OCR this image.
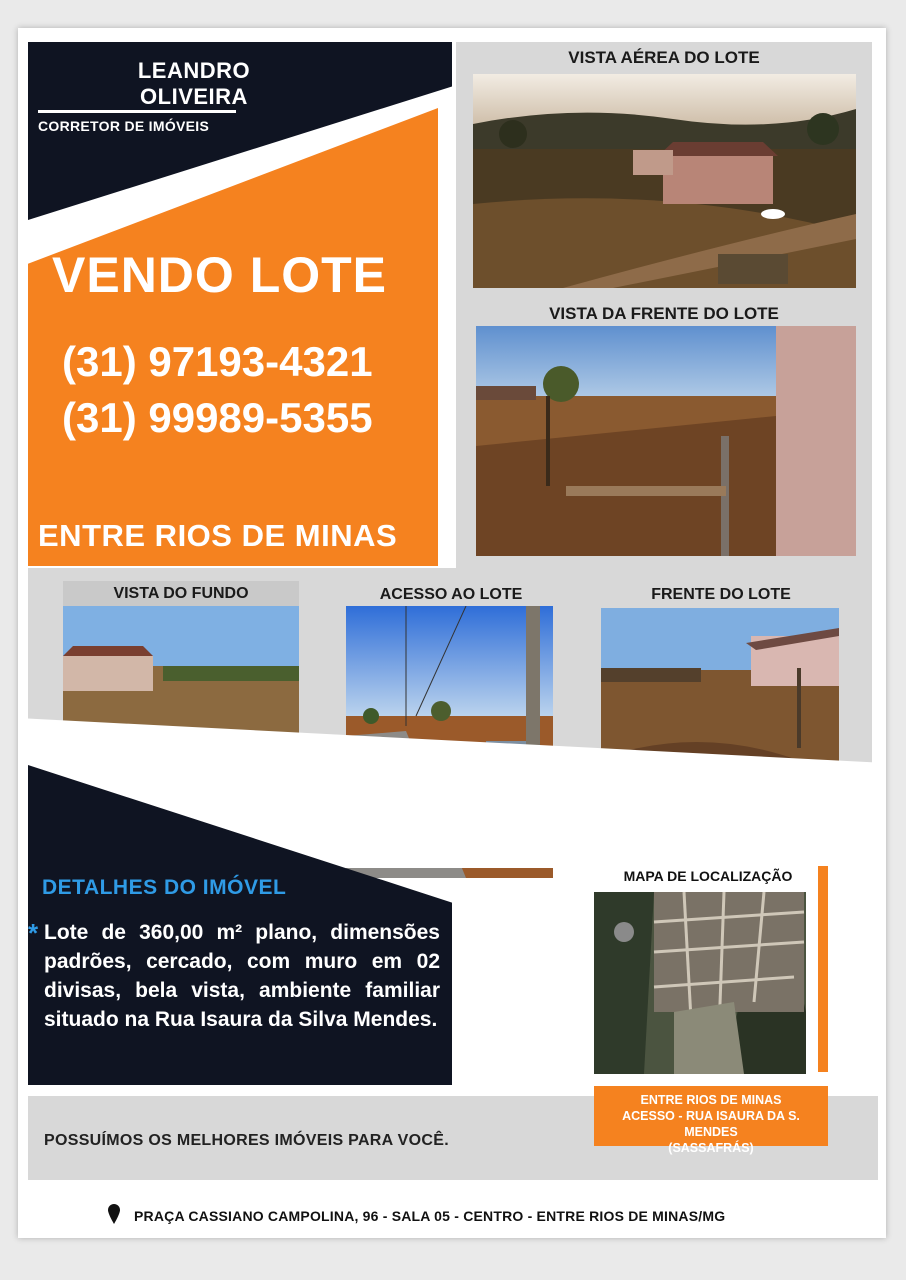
LEANDRO
OLIVEIRA
CORRETOR DE IMÓVEIS
VENDO LOTE
(31) 97193-4321
(31) 99989-5355
ENTRE RIOS DE MINAS
VISTA AÉREA DO LOTE
VISTA DA FRENTE DO LOTE
VISTA DO FUNDO	ACESSO AO LOTE	FRENTE DO LOTE
DETALHES DO IMÓVEL
* Lote de 360,00 m² plano, dimensões
padrões, cercado, com muro em 02
divisas, bela vista, ambiente familiar
situado na Rua Isaura da Silva Mendes.
POSSUÍMOS OS MELHORES IMÓVEIS PARA VOCÊ.
MAPA DE LOCALIZAÇÃO
ENTRE RIOS DE MINAS
ACESSO - RUA ISAURA DA S. MENDES
(SASSAFRÁS)
PRAÇA CASSIANO CAMPOLINA, 96 - SALA 05 - CENTRO - ENTRE RIOS DE MINAS/MG
